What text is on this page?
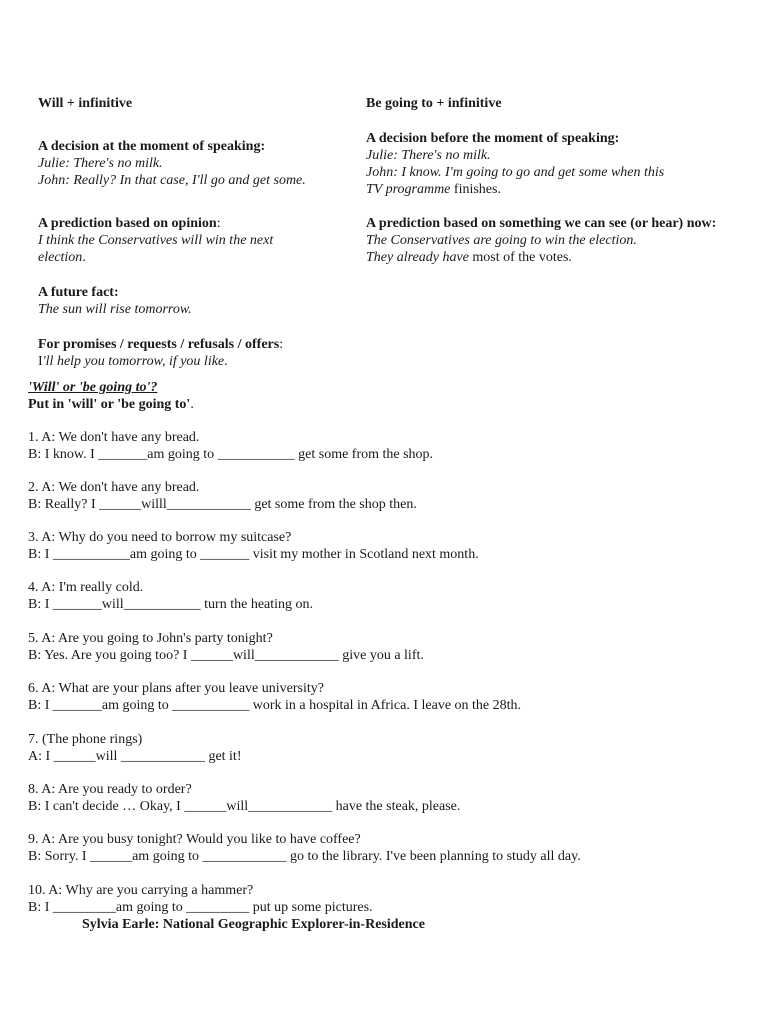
Will + infinitive
A decision at the moment of speaking:
Julie: There's no milk.
John: Really? In that case, I'll go and get some.
A prediction based on opinion:
I think the Conservatives will win the next
election.
A future fact:
The sun will rise tomorrow.
For promises / requests / refusals / offers:
I'll help you tomorrow, if you like.
Be going to + infinitive
A decision before the moment of speaking:
Julie: There's no milk.
John: I know. I'm going to go and get some when this
TV programme finishes.
A prediction based on something we can see (or hear) now:
The Conservatives are going to win the election.
They already have most of the votes.
'Will' or 'be going to'?
Put in 'will' or 'be going to'.
1. A: We don't have any bread.
B: I know. I _______am going to ___________ get some from the shop.
2. A: We don't have any bread.
B: Really? I ______willl____________ get some from the shop then.
3. A: Why do you need to borrow my suitcase?
B: I ___________am going to _______ visit my mother in Scotland next month.
4. A: I'm really cold.
B: I _______will___________ turn the heating on.
5. A: Are you going to John's party tonight?
B: Yes. Are you going too? I ______will____________ give you a lift.
6. A: What are your plans after you leave university?
B: I _______am going to ___________ work in a hospital in Africa. I leave on the 28th.
7. (The phone rings)
A: I ______will ____________ get it!
8. A: Are you ready to order?
B: I can't decide … Okay, I ______will____________ have the steak, please.
9. A: Are you busy tonight? Would you like to have coffee?
B: Sorry. I ______am going to ____________ go to the library. I've been planning to study all day.
10. A: Why are you carrying a hammer?
B: I _________am going to _________ put up some pictures.
Sylvia Earle: National Geographic Explorer-in-Residence
